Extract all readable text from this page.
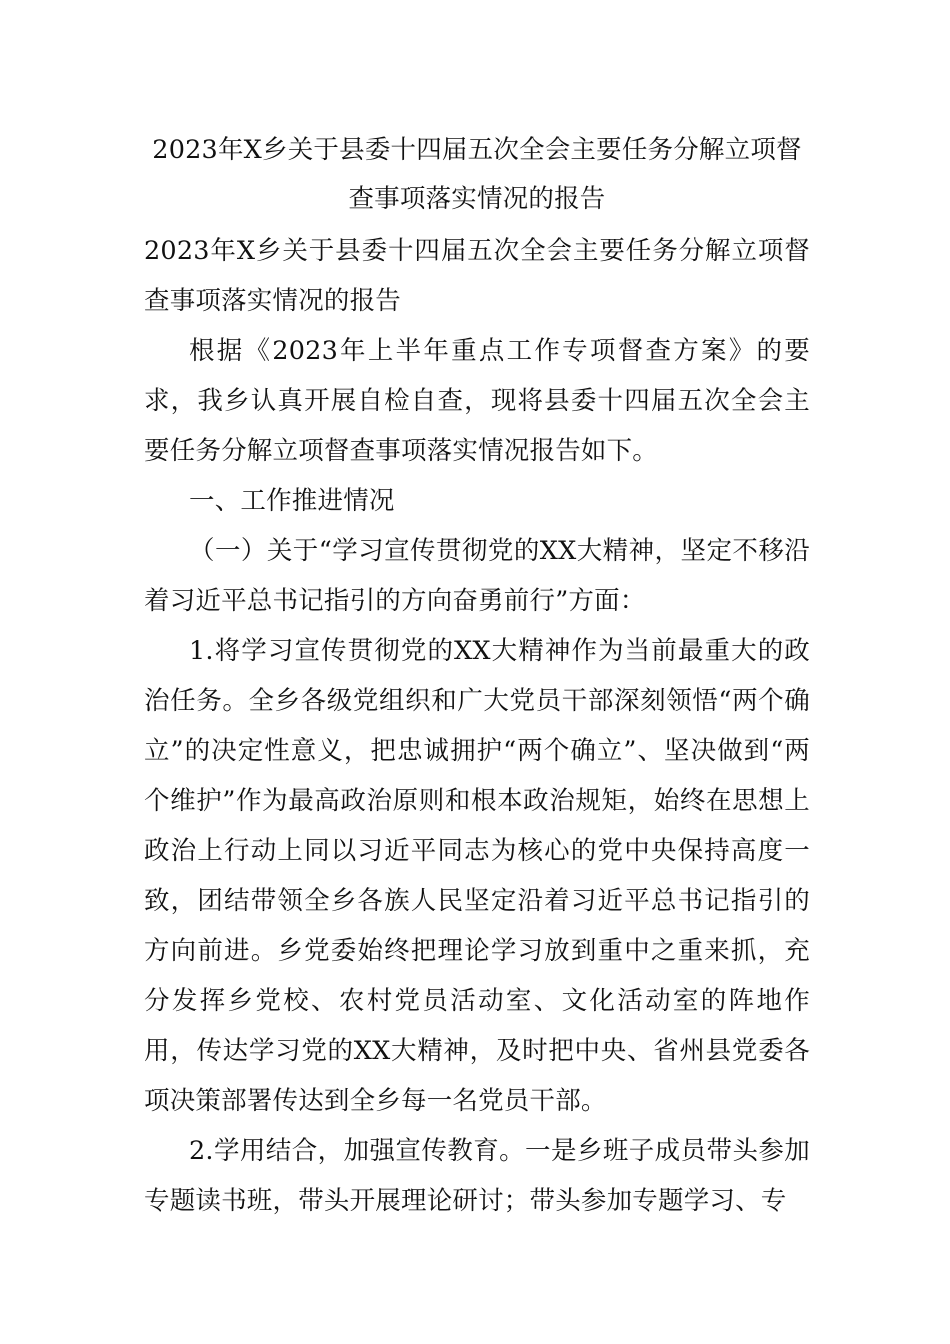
2023年X乡关于县委十四届五次全会主要任务分解立项督
查事项落实情况的报告

2023年X乡关于县委十四届五次全会主要任务分解立项督查事项落实情况的报告

根据《2023年上半年重点工作专项督查方案》的要求，我乡认真开展自检自查，现将县委十四届五次全会主要任务分解立项督查事项落实情况报告如下。

一、工作推进情况

（一）关于“学习宣传贯彻党的XX大精神，坚定不移沿着习近平总书记指引的方向奋勇前行”方面：

1.将学习宣传贯彻党的XX大精神作为当前最重大的政治任务。全乡各级党组织和广大党员干部深刻领悟“两个确立”的决定性意义，把忠诚拥护“两个确立”、坚决做到“两个维护”作为最高政治原则和根本政治规矩，始终在思想上政治上行动上同以习近平同志为核心的党中央保持高度一致，团结带领全乡各族人民坚定沿着习近平总书记指引的方向前进。乡党委始终把理论学习放到重中之重来抓，充分发挥乡党校、农村党员活动室、文化活动室的阵地作用，传达学习党的XX大精神，及时把中央、省州县党委各项决策部署传达到全乡每一名党员干部。

2.学用结合，加强宣传教育。一是乡班子成员带头参加专题读书班，带头开展理论研讨；带头参加专题学习、专
